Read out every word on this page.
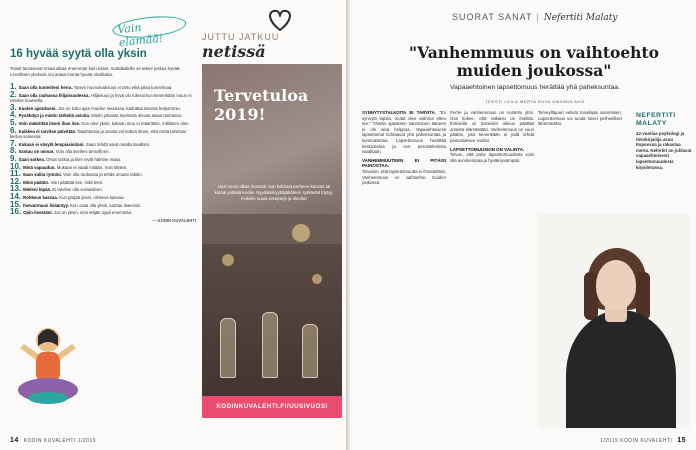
Vain elämää!
16 hyvää syytä olla yksin
Toiset tarvitsevat omaa aikaa enemmän kuin toiset, muttakaikille se tekee joskus hyvää. Levollinen yksinolo voi antaa monta hyvää oivallusta.
1. Saan olla tunteitteni herra. Toisen huonotuulisuus ei tartu eikä pilaa tunnelmaa.
2. Saan olla rauhassa hiljaisuudessa. Hiljaisuus ja hyvä olo tulevat kun kenenkään muun ei tarvitse kuuntella.
3. Kuulen ajatukseni. Jos on koko ajan muiden seurassa, kadottaa itsensä helpommin.
4. Pysähdyn ja mietin tärkeitä asioita. Mietin jokaista mielessä olevaa asiaa rauhassa.
5. Voin määrittää itseni ihan itse. Kun olen yksin, kukaan muu ei määrittele, millainen olen.
6. Kaikkea ei tarvitse päivittää. Tapahtumia ja asioita voi kokea ilman, että niistä tarvitsee kertoa somessa.
7. Kukaan ei väsytä lempiasioitani. Saan tehdä asiat omalla tavallani.
8. Vastuu on minun. Voin olla itselleni armollinen.
9. Saan sotkea. Omat sotkut ja kiire eivät häiritse muita.
10. Minä vapaudun. Mukaan ei vaadi mitään. Voin lähteä.
11. Saan valita rytmini. Voin olla rauhassa ja tehdä omaan tahtiin.
12. Minä päätän. Voin päättää itse, mitä teen.
13. Mieleni lepää. Ei tarvitse olla sosiaalinen.
14. Rohkeus kasvaa. Kun pärjää yksin, rohkeus kasvaa.
15. Itsevarmuus lisääntyy. Kun osaa olla yksin, luottaa itseensä.
16. Opin itsestäni. Jos on yksin, nimi eläjän oppii enemmän.
— KODIN KUVALEHTI
JUTTU JATKUU netissä
Tervetuloa 2019!
Uusi vuosi alkaa ihanasti, kun kokkaat perheen kanssa tai kutsut ystäviä koolle. Nyytäkkinyyttäjäkäteen syötävää löytyy. Kokeile uusia reseptejä ja ideoita!
KODINKUVALEHTI.FI/UUSIVUOSI
14 KODIN KUVALEHTI 1/2019
SUORAT SANAT | Nefertiti Malaty
"Vanhemmuus on vaihtoehto muiden joukossa"
Vapaaehtoinen lapsettomuus herättää yhä paheksuntaa.
TEKSTI LEILA MERTA KUVA AMANDA AHO
SYNNYTYSTALKOITA EI TARVITA. "En synnytä lapsia, mutta olen valinnut etten tee." Tämän ajatuksen sanominen ääneen ei ole aina helppoa. Vapaaehtoisesti lapsettomat kohtaavat yhä paheksuntaa ja kummastelua. Lapsettomuus herättää keskustelua ja sen perustelemista vaaditaan.
VANHEMMUUTEEN EI PITÄISI PAINOSTAA.
Toivoisin, että lapsettomuutta ei ihmeteltäisi. Vanhemmuus on vaihtoehto muiden joukossa.
Perhe ja vanhemmuus on nostettu ylös. Osa kokee, että ratkaisu on itsekäs. Ihmisellä on kuitenkin oikeus päättää omasta elämästään. Vanhemmuus on suuri päätös, jota kenenkään ei pidä tehdä painostuksen vuoksi.
LAPSETTOMUUSKIN ON VALINTA.
Toivon, että puhe lapsettomuudesta voisi olla avoimempaa ja hyväksyvämpää.
Terveyttäjuuri vetivät toivelapsi sanomisen. Lapsettomuus voi tuoda toiset perheelliset lähemmäksi.
NEFERTITI MALATY
42-vuotias psykologi ja tietokirjailija asuu Espoossa ja rakastaa merta. Nefertiti on juhlavat vapaaehtoisesti lapsettomuudesta kirjoitetussa.
1/2019 KODIN KUVALEHTI 15
